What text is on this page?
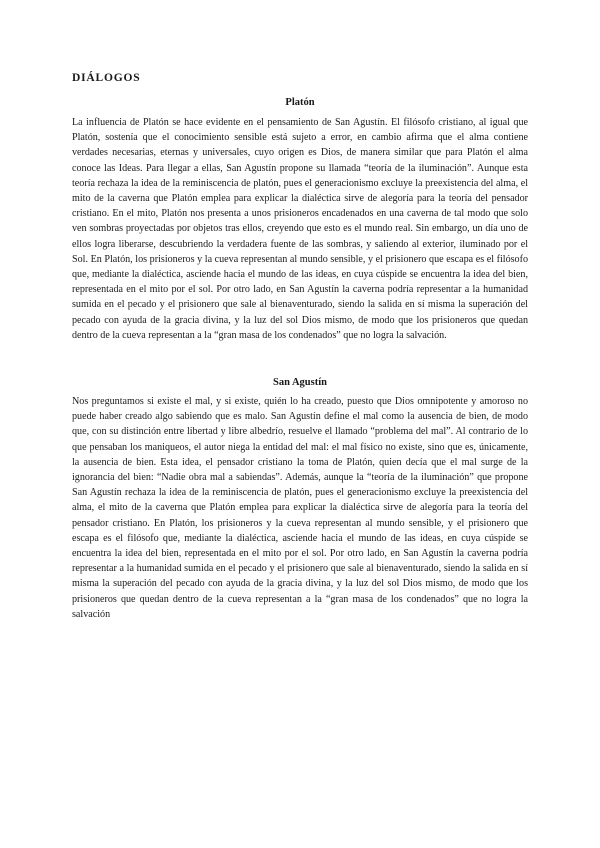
DIÁLOGOS
Platón

La influencia de Platón se hace evidente en el pensamiento de San Agustín. El filósofo cristiano, al igual que Platón, sostenía que el conocimiento sensible está sujeto a error, en cambio afirma que el alma contiene verdades necesarias, eternas y universales, cuyo origen es Dios, de manera similar que para Platón el alma conoce las Ideas. Para llegar a ellas, San Agustín propone su llamada “teoría de la iluminación”. Aunque esta teoría rechaza la idea de la reminiscencia de platón, pues el generacionismo excluye la preexistencia del alma, el mito de la caverna que Platón emplea para explicar la dialéctica sirve de alegoría para la teoría del pensador cristiano. En el mito, Platón nos presenta a unos prisioneros encadenados en una caverna de tal modo que solo ven sombras proyectadas por objetos tras ellos, creyendo que esto es el mundo real. Sin embargo, un día uno de ellos logra liberarse, descubriendo la verdadera fuente de las sombras, y saliendo al exterior, iluminado por el Sol. En Platón, los prisioneros y la cueva representan al mundo sensible, y el prisionero que escapa es el filósofo que, mediante la dialéctica, asciende hacia el mundo de las ideas, en cuya cúspide se encuentra la idea del bien, representada en el mito por el sol. Por otro lado, en San Agustín la caverna podría representar a la humanidad sumida en el pecado y el prisionero que sale al bienaventurado, siendo la salida en sí misma la superación del pecado con ayuda de la gracia divina, y la luz del sol Dios mismo, de modo que los prisioneros que quedan dentro de la cueva representan a la “gran masa de los condenados” que no logra la salvación.

San Agustín

Nos preguntamos si existe el mal, y si existe, quién lo ha creado, puesto que Dios omnipotente y amoroso no puede haber creado algo sabiendo que es malo. San Agustín define el mal como la ausencia de bien, de modo que, con su distinción entre libertad y libre albedrío, resuelve el llamado “problema del mal”. Al contrario de lo que pensaban los maniqueos, el autor niega la entidad del mal: el mal físico no existe, sino que es, únicamente, la ausencia de bien. Esta idea, el pensador cristiano la toma de Platón, quien decía que el mal surge de la ignorancia del bien: “Nadie obra mal a sabiendas”. Además, aunque la “teoría de la iluminación” que propone San Agustín rechaza la idea de la reminiscencia de platón, pues el generacionismo excluye la preexistencia del alma, el mito de la caverna que Platón emplea para explicar la dialéctica sirve de alegoría para la teoría del pensador cristiano. En Platón, los prisioneros y la cueva representan al mundo sensible, y el prisionero que escapa es el filósofo que, mediante la dialéctica, asciende hacia el mundo de las ideas, en cuya cúspide se encuentra la idea del bien, representada en el mito por el sol. Por otro lado, en San Agustín la caverna podría representar a la humanidad sumida en el pecado y el prisionero que sale al bienaventurado, siendo la salida en sí misma la superación del pecado con ayuda de la gracia divina, y la luz del sol Dios mismo, de modo que los prisioneros que quedan dentro de la cueva representan a la “gran masa de los condenados” que no logra la salvación
